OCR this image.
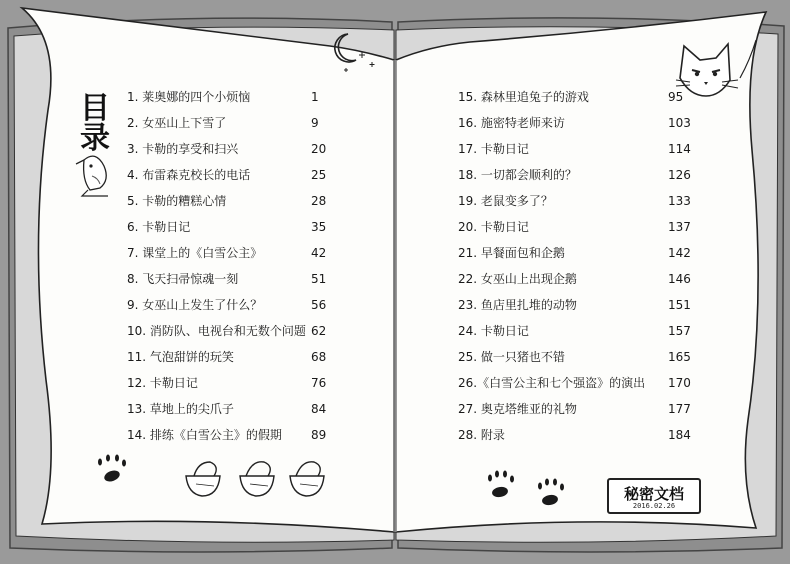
目
录
1. 莱奥娜的四个小烦恼	1
2. 女巫山上下雪了	9
3. 卡勒的享受和扫兴	20
4. 布雷森克校长的电话	25
5. 卡勒的糟糕心情	28
6. 卡勒日记	35
7. 课堂上的《白雪公主》	42
8. 飞天扫帚惊魂一刻	51
9. 女巫山上发生了什么？	56
10. 消防队、电视台和无数个问题 62
11. 气泡甜饼的玩笑	68
12. 卡勒日记	76
13. 草地上的尖爪子	84
14. 排练《白雪公主》的假期 89
15. 森林里追兔子的游戏	95
16. 施密特老师来访	103
17. 卡勒日记	114
18. 一切都会顺利的？	126
19. 老鼠变多了？	133
20. 卡勒日记	137
21. 早餐面包和企鹅	142
22. 女巫山上出现企鹅	146
23. 鱼店里扎堆的动物	151
24. 卡勒日记	157
25. 做一只猪也不错	165
26.《白雪公主和七个强盗》的演出 170
27. 奥克塔维亚的礼物	177
28. 附录	184
秘密文档
2016.02.26
